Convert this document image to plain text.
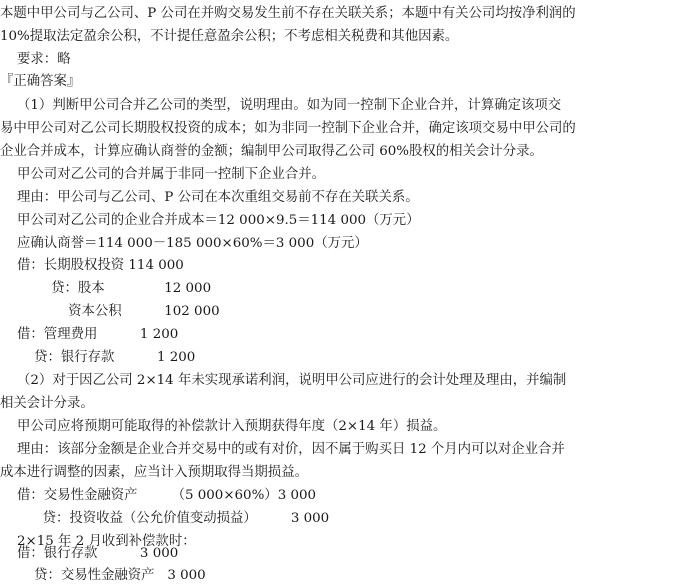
本题中甲公司与乙公司、P 公司在并购交易发生前不存在关联关系；本题中有关公司均按净利润的
10%提取法定盈余公积，不计提任意盈余公积；不考虑相关税费和其他因素。
要求：略
『正确答案』
（1）判断甲公司合并乙公司的类型，说明理由。如为同一控制下企业合并，计算确定该项交
易中甲公司对乙公司长期股权投资的成本；如为非同一控制下企业合并，确定该项交易中甲公司的
企业合并成本，计算应确认商誉的金额；编制甲公司取得乙公司 60%股权的相关会计分录。
甲公司对乙公司的合并属于非同一控制下企业合并。
理由：甲公司与乙公司、P 公司在本次重组交易前不存在关联关系。
甲公司对乙公司的企业合并成本＝12 000×9.5＝114 000（万元）
应确认商誉＝114 000－185 000×60%＝3 000（万元）
借：长期股权投资 114 000
贷：股本              12 000
资本公积          102 000
借：管理费用          1 200
贷：银行存款          1 200
（2）对于因乙公司 2×14 年未实现承诺利润，说明甲公司应进行的会计处理及理由，并编制
相关会计分录。
甲公司应将预期可能取得的补偿款计入预期获得年度（2×14 年）损益。
理由：该部分金额是企业合并交易中的或有对价，因不属于购买日 12 个月内可以对企业合并
成本进行调整的因素，应当计入预期取得当期损益。
借：交易性金融资产        （5 000×60%）3 000
贷：投资收益（公允价值变动损益）        3 000
2×15 年 2 月收到补偿款时：
借：银行存款          3 000
贷：交易性金融资产   3 000
